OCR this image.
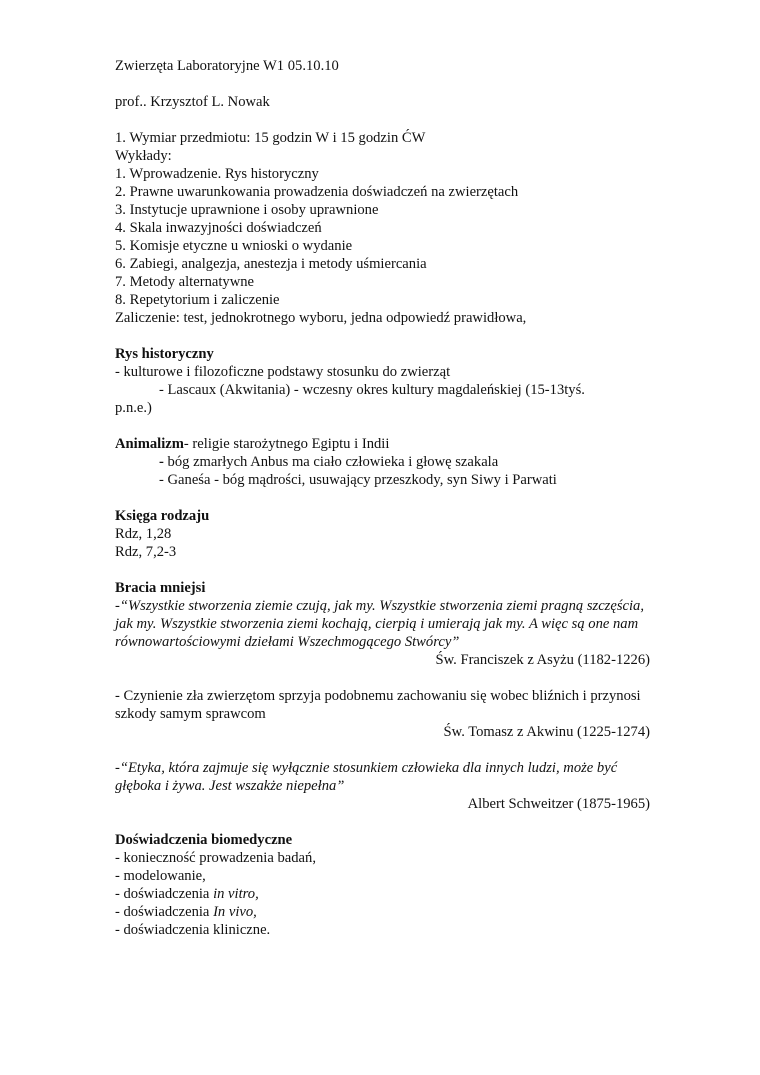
Zwierzęta Laboratoryjne W1 05.10.10
prof.. Krzysztof L. Nowak
1. Wymiar przedmiotu: 15 godzin W i 15 godzin ĆW
Wykłady:
1. Wprowadzenie. Rys historyczny
2. Prawne uwarunkowania prowadzenia doświadczeń na zwierzętach
3. Instytucje uprawnione i osoby uprawnione
4. Skala inwazyjności doświadczeń
5. Komisje etyczne u wnioski o wydanie
6. Zabiegi, analgezja, anestezja i metody uśmiercania
7. Metody alternatywne
8. Repetytorium i zaliczenie
Zaliczenie: test, jednokrotnego wyboru, jedna odpowiedź prawidłowa,
Rys historyczny
- kulturowe i filozoficzne podstawy stosunku do zwierząt
- Lascaux (Akwitania) - wczesny okres kultury magdaleńskiej (15-13tyś.
p.n.e.)
Animalizm- religie starożytnego Egiptu i Indii
- bóg zmarłych Anbus ma ciało człowieka i głowę szakala
- Ganeśa - bóg mądrości, usuwający przeszkody, syn Siwy i Parwati
Księga rodzaju
Rdz, 1,28
Rdz, 7,2-3
Bracia mniejsi
-“Wszystkie stworzenia ziemie czują, jak my. Wszystkie stworzenia ziemi pragną szczęścia, jak my. Wszystkie stworzenia ziemi kochają, cierpią i umierają jak my. A więc są one nam równowartościowymi dziełami Wszechmogącego Stwórcy”
Św. Franciszek z Asyżu (1182-1226)
- Czynienie zła zwierzętom sprzyja podobnemu zachowaniu się wobec bliźnich i przynosi szkody samym sprawcom
Św. Tomasz z Akwinu (1225-1274)
-“Etyka, która zajmuje się wyłącznie stosunkiem człowieka dla innych ludzi, może być głęboka i żywa. Jest wszakże niepełna”
Albert Schweitzer (1875-1965)
Doświadczenia biomedyczne
- konieczność prowadzenia badań,
- modelowanie,
- doświadczenia in vitro,
- doświadczenia In vivo,
- doświadczenia kliniczne.
